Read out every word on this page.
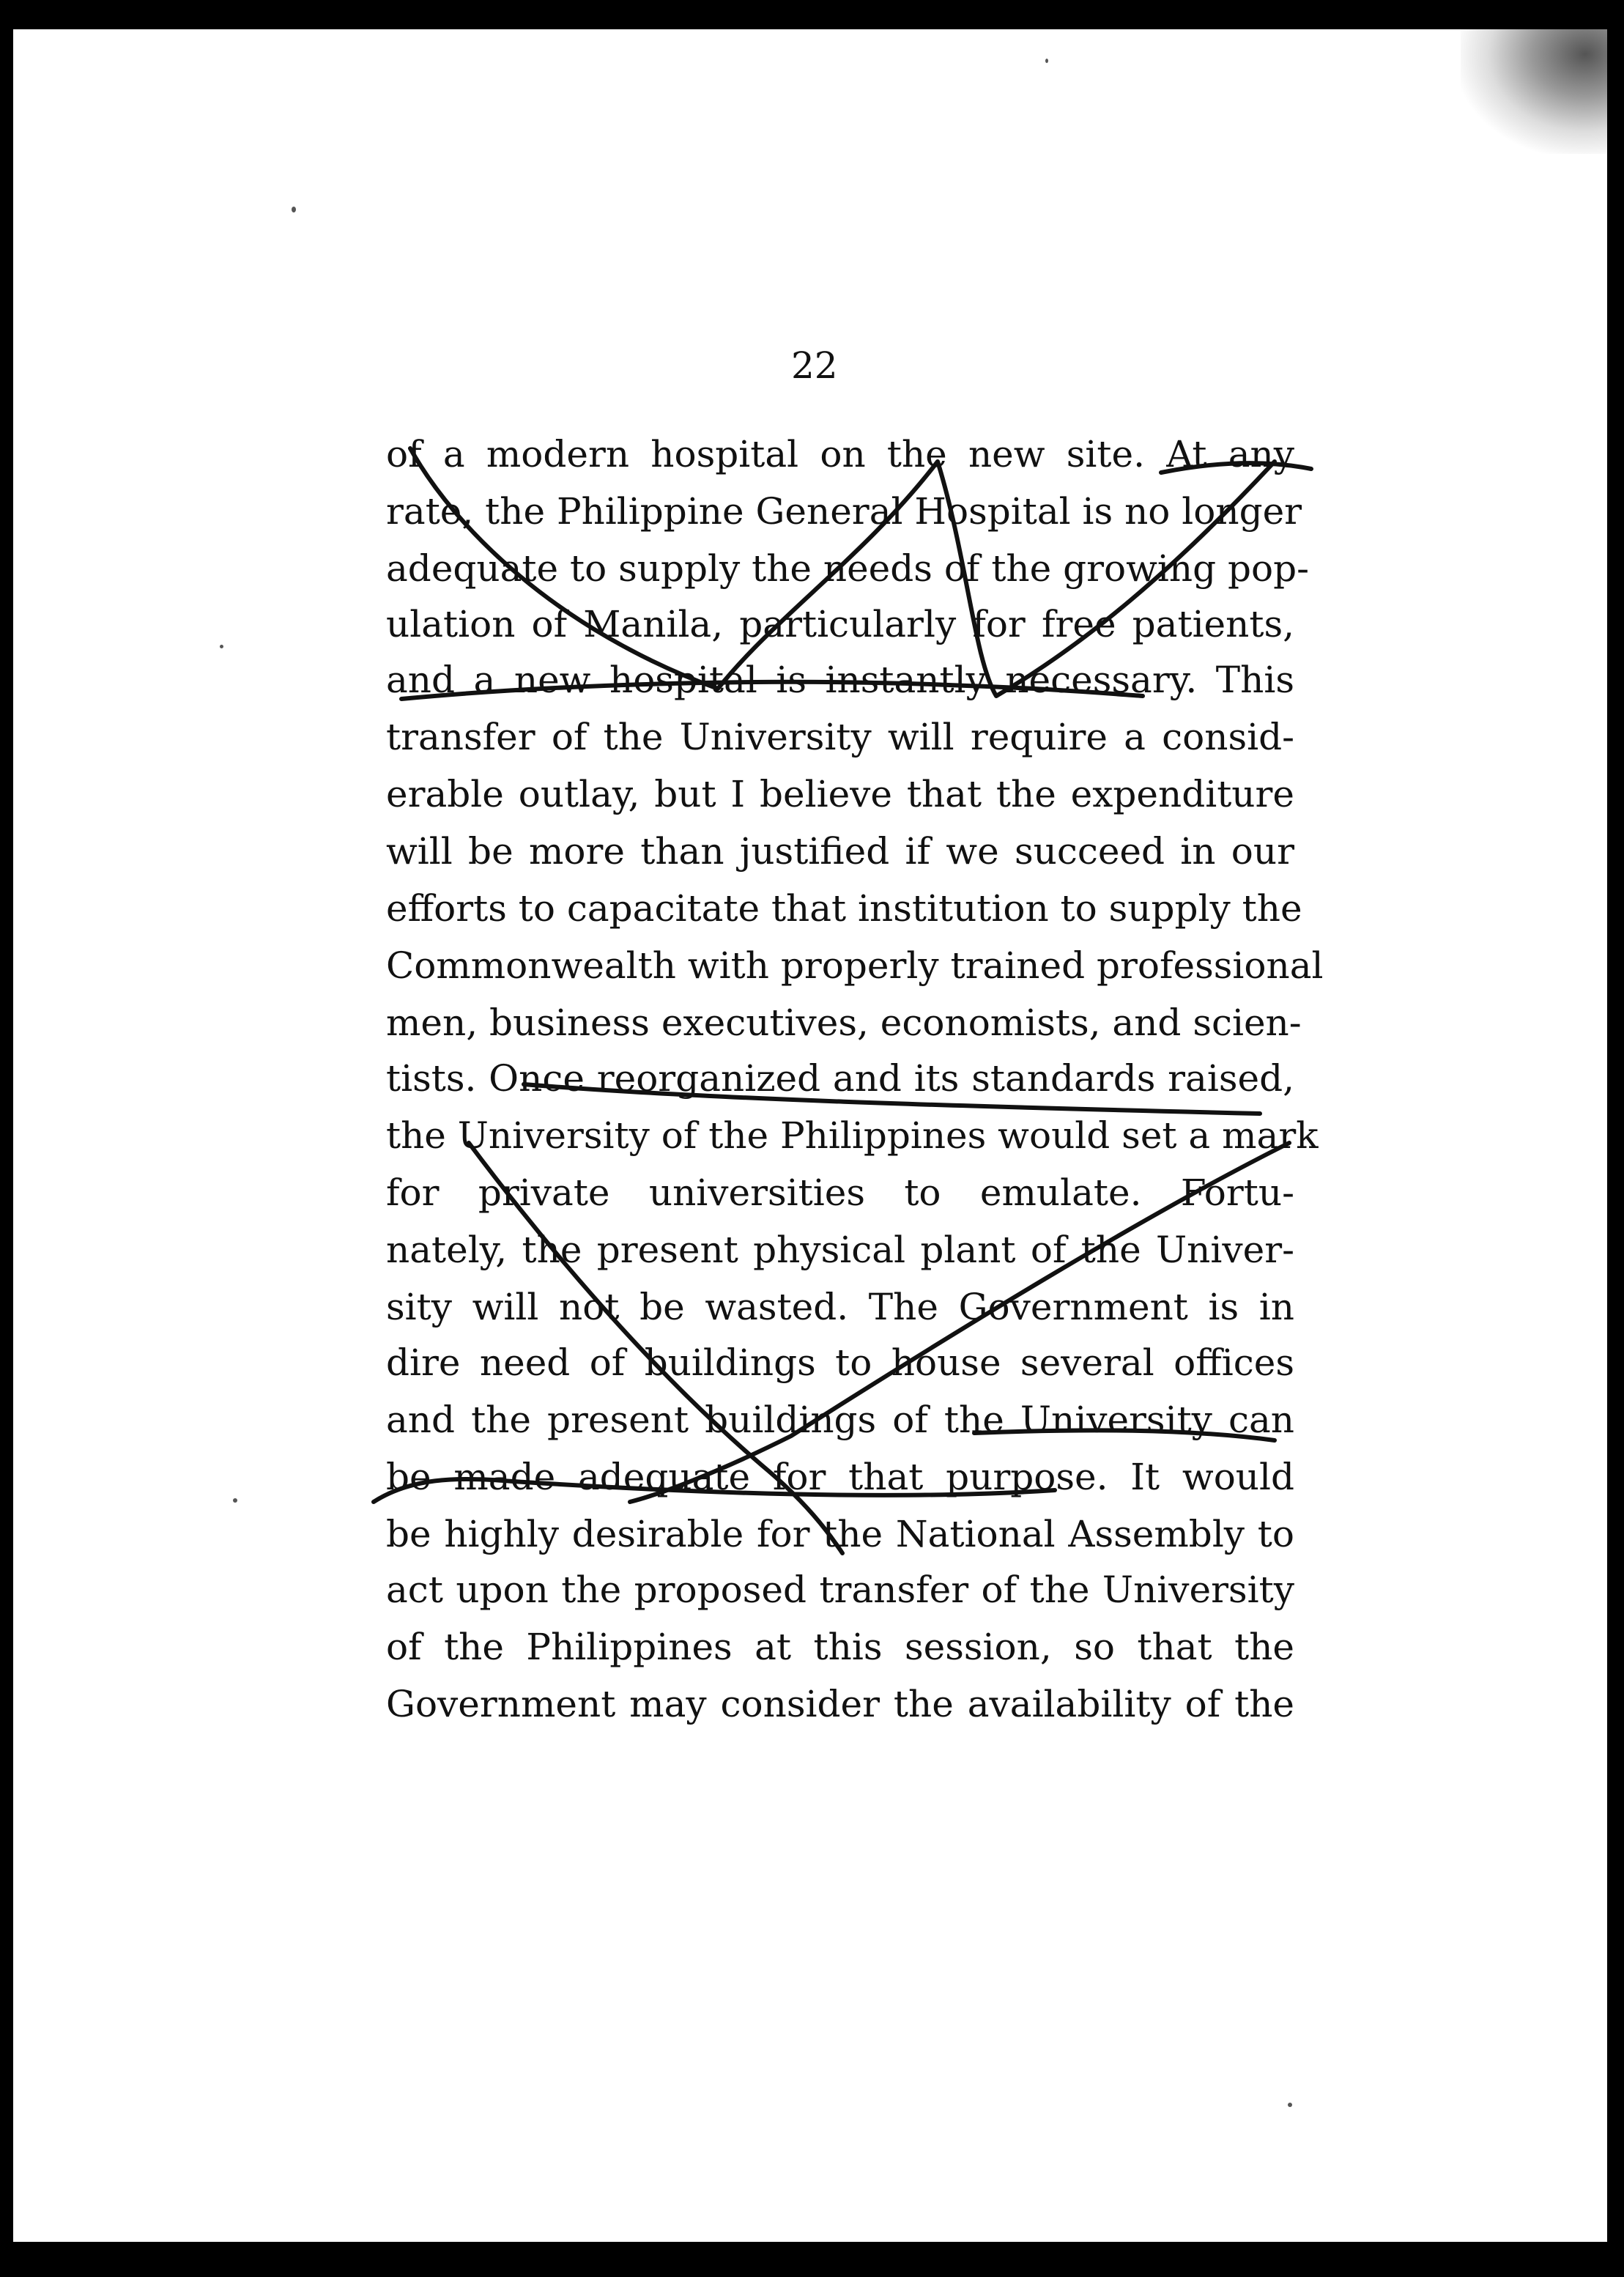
22
of a modern hospital on the new site. At any
rate, the Philippine General Hospital is no longer
adequate to supply the needs of the growing pop-
ulation of Manila, particularly for free patients,
and a new hospital is instantly necessary. This
transfer of the University will require a consid-
erable outlay, but I believe that the expenditure
will be more than justified if we succeed in our
efforts to capacitate that institution to supply the
Commonwealth with properly trained professional
men, business executives, economists, and scien-
tists. Once reorganized and its standards raised,
the University of the Philippines would set a mark
for private universities to emulate. Fortu-
nately, the present physical plant of the Univer-
sity will not be wasted. The Government is in
dire need of buildings to house several offices
and the present buildings of the University can
be made adequate for that purpose. It would
be highly desirable for the National Assembly to
act upon the proposed transfer of the University
of the Philippines at this session, so that the
Government may consider the availability of the
